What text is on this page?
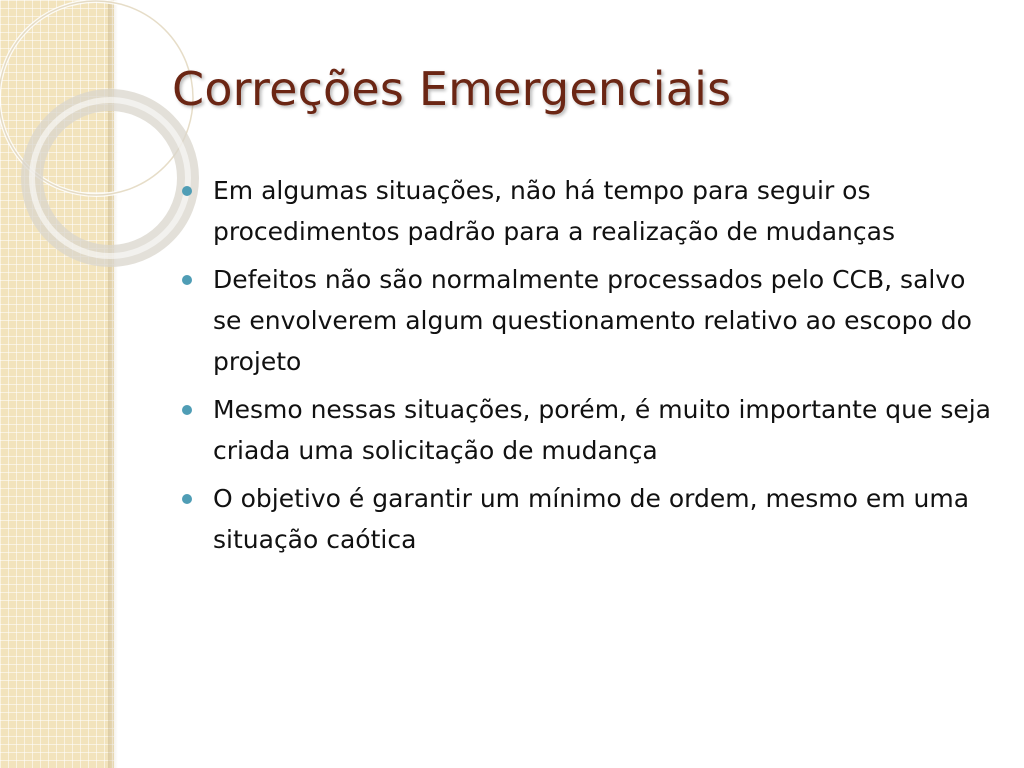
Correções Emergenciais
Em algumas situações, não há tempo para seguir os procedimentos padrão para a realização de mudanças
Defeitos não são normalmente processados pelo CCB, salvo se envolverem algum questionamento relativo ao escopo do projeto
Mesmo nessas situações, porém, é muito importante que seja criada uma solicitação de mudança
O objetivo é garantir um mínimo de ordem, mesmo em uma situação caótica
